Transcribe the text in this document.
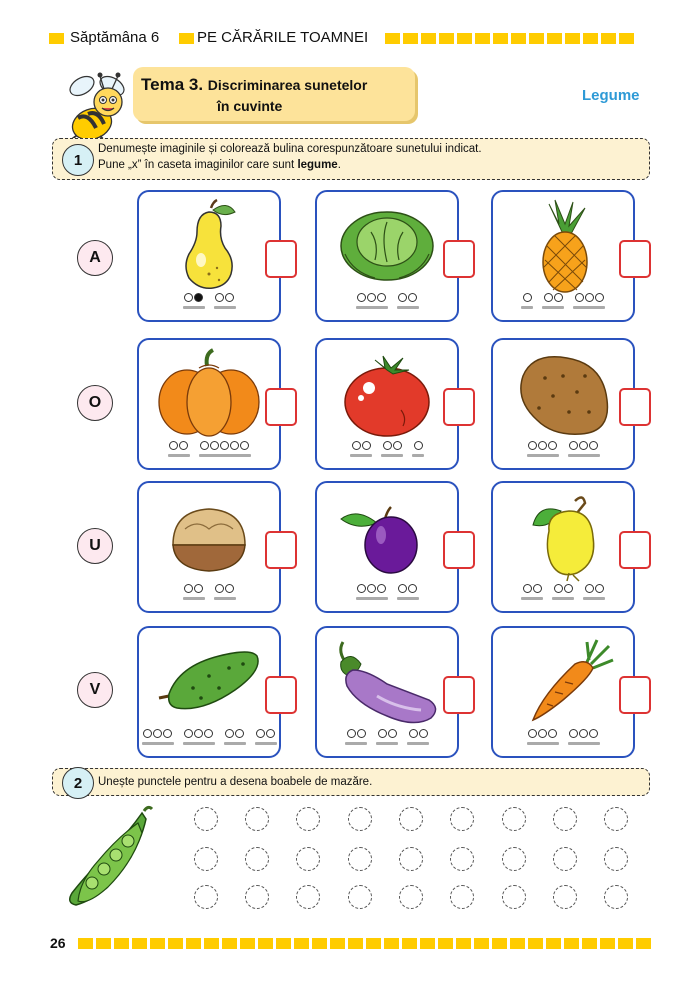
Săptămâna 6	PE CĂRĂRILE TOAMNEI
Tema 3. Discriminarea sunetelor
în cuvinte
Legume
1
Denumește imaginile și colorează bulina corespunzătoare sunetului indicat.
Pune „x” în caseta imaginilor care sunt legume.
A
O
U
V
2 Unește punctele pentru a desena boabele de mazăre.
26
